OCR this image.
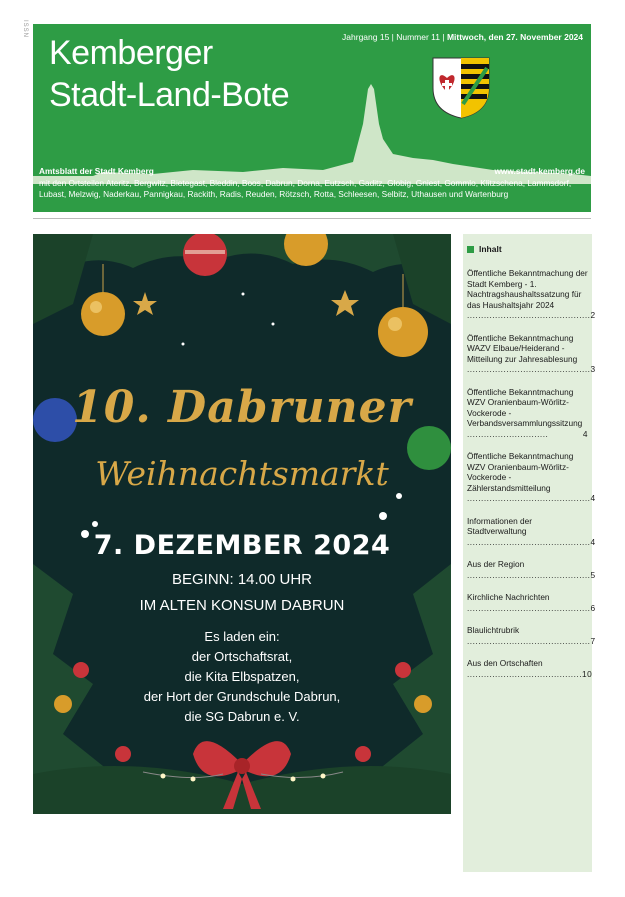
ISSN	Jahrgang 15 | Nummer 11 | Mittwoch, den 27. November 2024
Kemberger
Stadt-Land-Bote
Amtsblatt der Stadt Kemberg	www.stadt-kemberg.de
mit den Ortsteilen Ateritz, Bergwitz, Bietegast, Bleddin, Boos, Dabrun, Dorna, Eutzsch, Gaditz, Globig, Gniest, Gommlo, Klitzschena, Lammsdorf, Lubast, Melzwig, Naderkau, Pannigkau, Rackith, Radis, Reuden, Rötzsch, Rotta, Schleesen, Selbitz, Uthausen und Wartenburg
10. Dabruner
Weihnachtsmarkt
7. DEZEMBER 2024
BEGINN: 14.00 UHR
IM ALTEN KONSUM DABRUN
Es laden ein:
der Ortschaftsrat,
die Kita Elbspatzen,
der Hort der Grundschule Dabrun,
die SG Dabrun e. V.
Inhalt
Öffentliche Bekanntmachung der Stadt Kemberg - 1. Nachtragshaushaltssatzung für das Haushaltsjahr 2024
............................................ 2
Öffentliche Bekanntmachung WAZV Elbaue/Heiderand - Mitteilung zur Jahresablesung
............................................ 3
Öffentliche Bekanntmachung WZV Oranienbaum-Wörlitz-Vockerode - Verbandsversammlungssitzung
.............................	4
Öffentliche Bekanntmachung WZV Oranienbaum-Wörlitz-Vockerode - Zählerstandsmitteilung
............................................ 4
Informationen der Stadtverwaltung
............................................ 4
Aus der Region
............................................ 5
Kirchliche Nachrichten
............................................ 6
Blaulichtrubrik
............................................ 7
Aus den Ortschaften
......................................... 10
